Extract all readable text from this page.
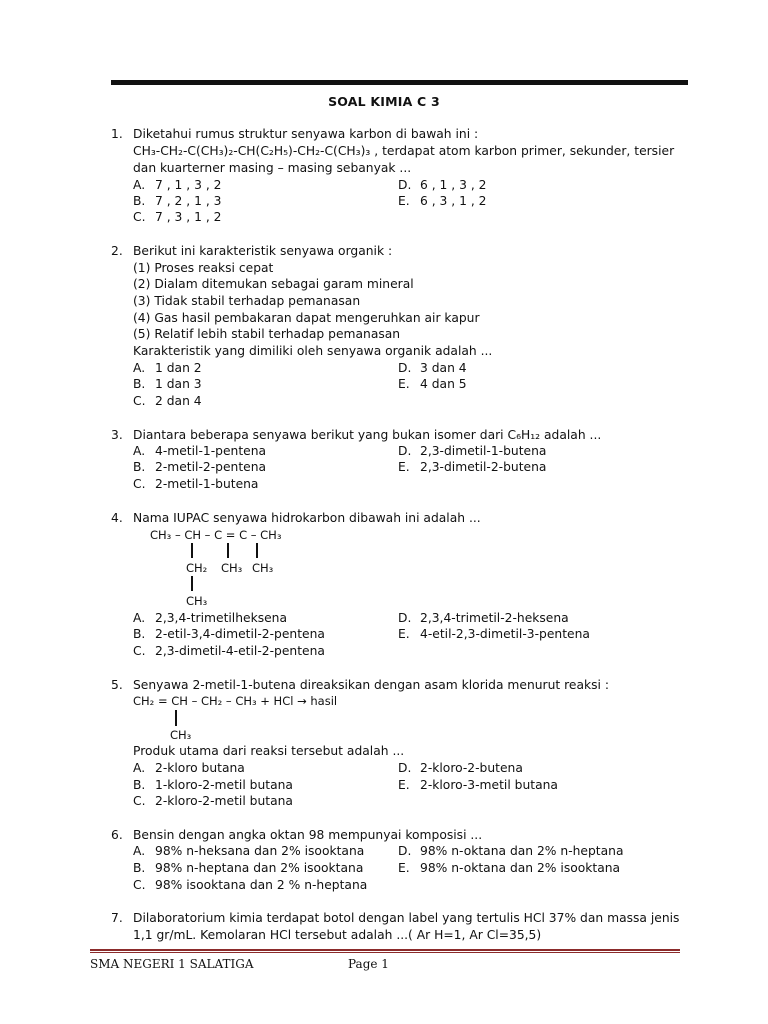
SOAL KIMIA C 3
1. Diketahui rumus struktur senyawa karbon di bawah ini :
CH₃-CH₂-C(CH₃)₂-CH(C₂H₅)-CH₂-C(CH₃)₃ , terdapat atom karbon primer, sekunder, tersier
dan kuarterner masing – masing sebanyak ...
A. 7 , 1 , 3 , 2
B. 7 , 2 , 1 , 3
C. 7 , 3 , 1 , 2
D. 6 , 1 , 3 , 2
E. 6 , 3 , 1 , 2
2. Berikut ini karakteristik senyawa organik :
(1) Proses reaksi cepat
(2) Dialam ditemukan sebagai garam mineral
(3) Tidak stabil terhadap pemanasan
(4) Gas hasil pembakaran dapat mengeruhkan air kapur
(5) Relatif lebih stabil terhadap pemanasan
Karakteristik yang dimiliki oleh senyawa organik adalah ...
A. 1 dan 2
B. 1 dan 3
C. 2 dan 4
D. 3 dan 4
E. 4 dan 5
3. Diantara beberapa senyawa berikut yang bukan isomer dari C₆H₁₂ adalah ...
A. 4-metil-1-pentena
B. 2-metil-2-pentena
C. 2-metil-1-butena
D. 2,3-dimetil-1-butena
E. 2,3-dimetil-2-butena
4. Nama IUPAC senyawa hidrokarbon dibawah ini adalah ...
CH₃ – CH – C = C – CH₃
CH₂ CH₃ CH₃
CH₃
A. 2,3,4-trimetilheksena
B. 2-etil-3,4-dimetil-2-pentena
C. 2,3-dimetil-4-etil-2-pentena
D. 2,3,4-trimetil-2-heksena
E. 4-etil-2,3-dimetil-3-pentena
5. Senyawa 2-metil-1-butena direaksikan dengan asam klorida menurut reaksi :
CH₂ = CH – CH₂ – CH₃ + HCl → hasil
CH₃
Produk utama dari reaksi tersebut adalah ...
A. 2-kloro butana
B. 1-kloro-2-metil butana
C. 2-kloro-2-metil butana
D. 2-kloro-2-butena
E. 2-kloro-3-metil butana
6. Bensin dengan angka oktan 98 mempunyai komposisi ...
A. 98% n-heksana dan 2% isooktana
B. 98% n-heptana dan 2% isooktana
C. 98% isooktana dan 2 % n-heptana
D. 98% n-oktana dan 2% n-heptana
E. 98% n-oktana dan 2% isooktana
7. Dilaboratorium kimia terdapat botol dengan label yang tertulis HCl 37% dan massa jenis
1,1 gr/mL. Kemolaran HCl tersebut adalah ...( Ar H=1, Ar Cl=35,5)
SMA NEGERI 1 SALATIGA	Page 1
